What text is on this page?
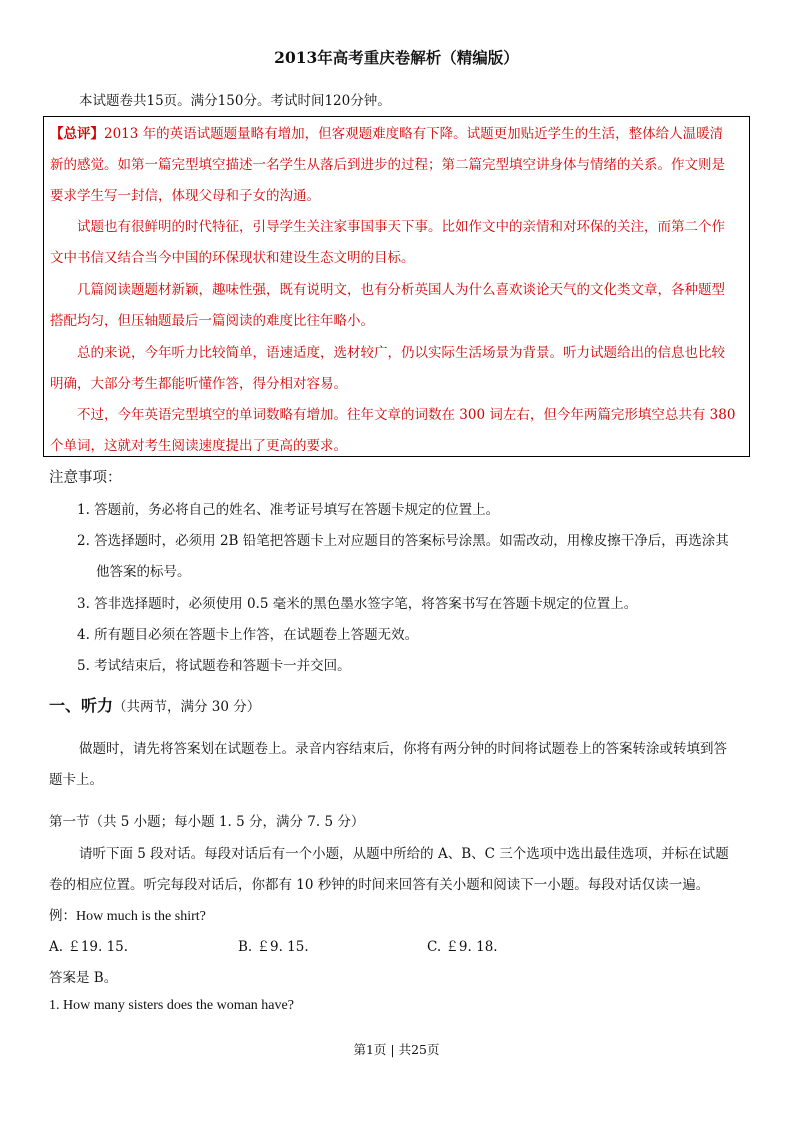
2013年高考重庆卷解析（精编版）
本试题卷共15页。满分150分。考试时间120分钟。
【总评】2013 年的英语试题题量略有增加，但客观题难度略有下降。试题更加贴近学生的生活，整体给人温暖清
新的感觉。如第一篇完型填空描述一名学生从落后到进步的过程；第二篇完型填空讲身体与情绪的关系。作文则是
要求学生写一封信，体现父母和子女的沟通。
试题也有很鲜明的时代特征，引导学生关注家事国事天下事。比如作文中的亲情和对环保的关注，而第二个作
文中书信又结合当今中国的环保现状和建设生态文明的目标。
几篇阅读题题材新颖，趣味性强，既有说明文，也有分析英国人为什么喜欢谈论天气的文化类文章，各种题型
搭配均匀，但压轴题最后一篇阅读的难度比往年略小。
总的来说，今年听力比较简单，语速适度，选材较广，仍以实际生活场景为背景。听力试题给出的信息也比较
明确，大部分考生都能听懂作答，得分相对容易。
不过，今年英语完型填空的单词数略有增加。往年文章的词数在 300 词左右，但今年两篇完形填空总共有 380
个单词，这就对考生阅读速度提出了更高的要求。
注意事项：
1. 答题前，务必将自己的姓名、准考证号填写在答题卡规定的位置上。
2. 答选择题时，必须用 2B 铅笔把答题卡上对应题目的答案标号涂黑。如需改动，用橡皮擦干净后，再选涂其
他答案的标号。
3. 答非选择题时，必须使用 0.5 毫米的黑色墨水签字笔，将答案书写在答题卡规定的位置上。
4. 所有题目必须在答题卡上作答，在试题卷上答题无效。
5. 考试结束后，将试题卷和答题卡一并交回。
一、听力（共两节，满分 30 分）
做题时，请先将答案划在试题卷上。录音内容结束后，你将有两分钟的时间将试题卷上的答案转涂或转填到答
题卡上。
第一节（共 5 小题；每小题 1. 5 分，满分 7. 5 分）
请听下面 5 段对话。每段对话后有一个小题，从题中所给的 A、B、C 三个选项中选出最佳选项，并标在试题
卷的相应位置。听完每段对话后，你都有 10 秒钟的时间来回答有关小题和阅读下一小题。每段对话仅读一遍。
例：How much is the shirt?
A. ￡19. 15.	B. ￡9. 15.	C. ￡9. 18.
答案是 B。
1. How many sisters does the woman have?
第1页 | 共25页
